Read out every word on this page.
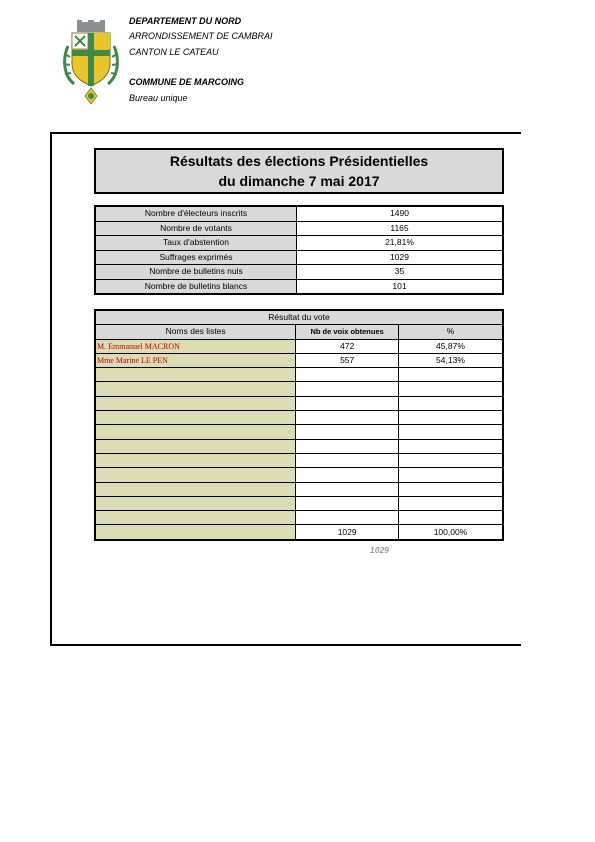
DEPARTEMENT DU NORD
ARRONDISSEMENT DE CAMBRAI
CANTON LE CATEAU
COMMUNE DE MARCOING
Bureau unique
Résultats des élections Présidentielles
du dimanche 7 mai 2017
Nombre d'électeurs inscrits	1490
Nombre de votants	1165
Taux d'abstention	21,81%
Suffrages exprimés	1029
Nombre de bulletins nuls	35
Nombre de bulletins blancs	101
Résultat du vote		
Noms des listes	Nb de voix obtenues	%
M. Emmanuel MACRON	472	45,87%
Mme Marine LE PEN	557	54,13%

	1029	100,00%
1029
